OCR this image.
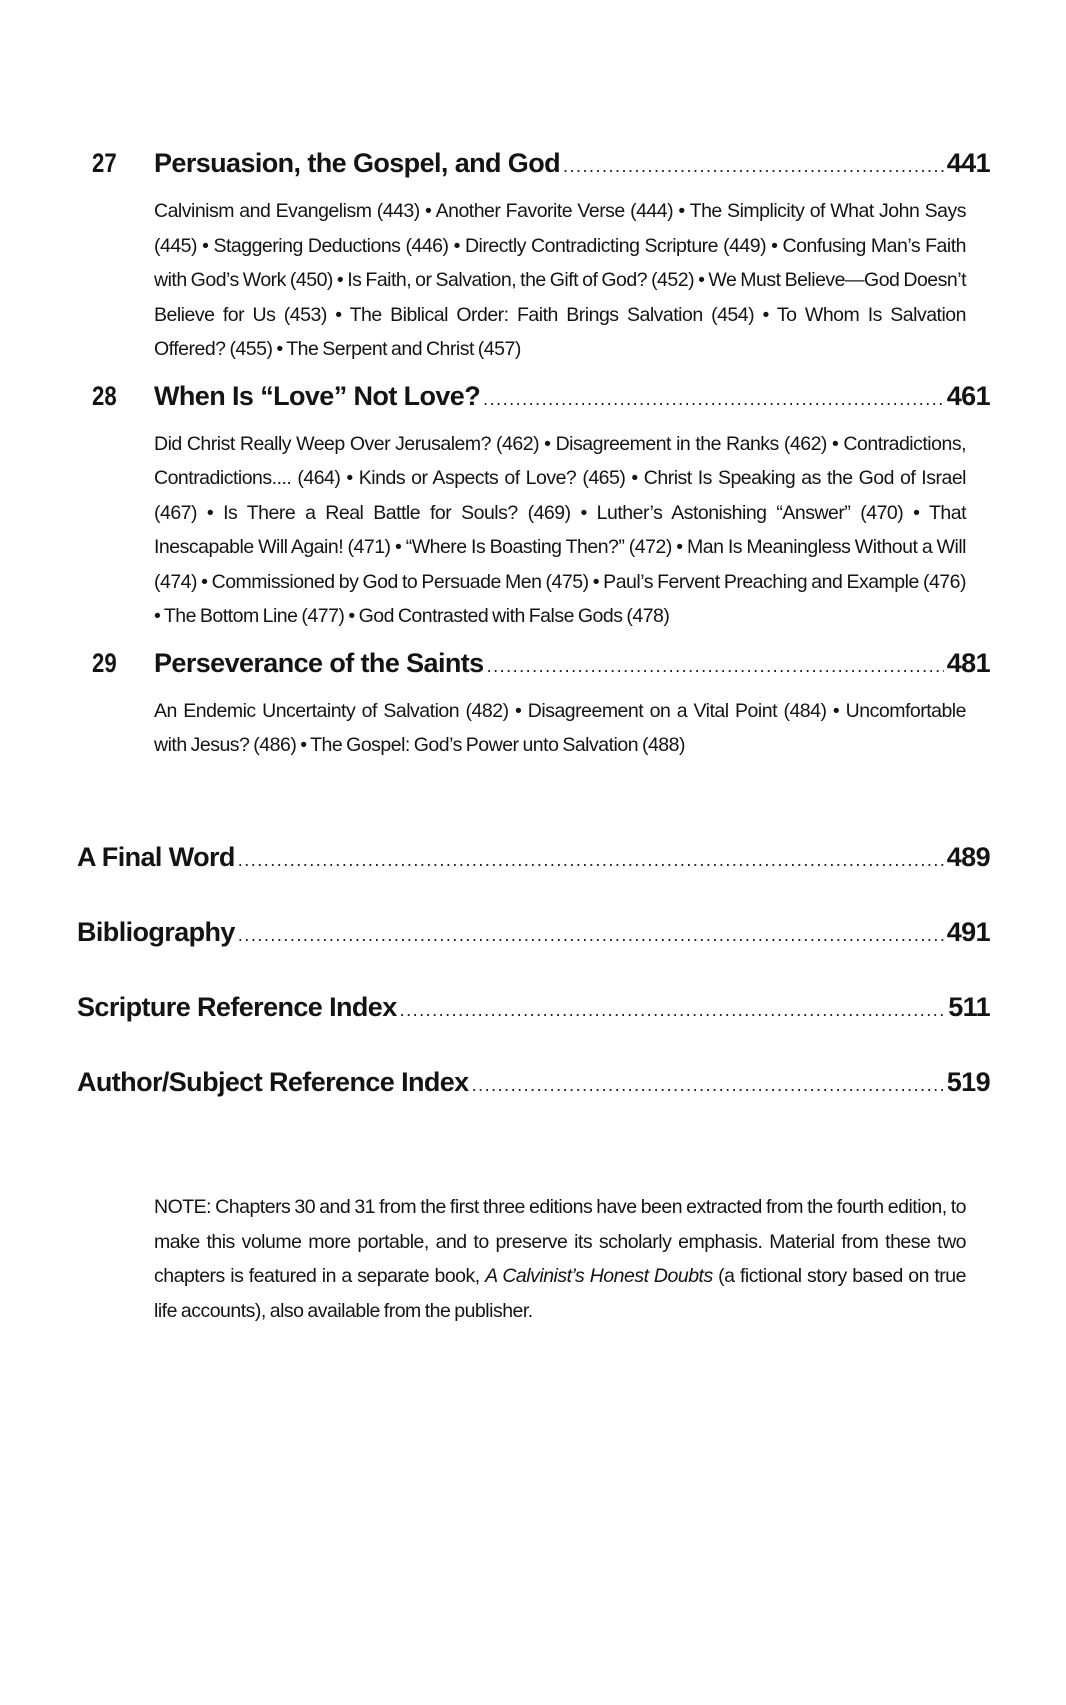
27	Persuasion, the Gospel, and God .....	441
Calvinism and Evangelism (443) • Another Favorite Verse (444) • The Simplicity of What John Says (445) • Staggering Deductions (446) • Directly Contradicting Scripture (449) • Confusing Man’s Faith with God’s Work (450) • Is Faith, or Salvation, the Gift of God? (452) • We Must Believe—God Doesn’t Believe for Us (453) • The Biblical Order: Faith Brings Salvation (454) • To Whom Is Salvation Offered? (455) • The Serpent and Christ (457)
28	When Is “Love” Not Love? .....	461
Did Christ Really Weep Over Jerusalem? (462) • Disagreement in the Ranks (462) • Contradictions, Contradictions.... (464) • Kinds or Aspects of Love? (465) • Christ Is Speaking as the God of Israel (467) • Is There a Real Battle for Souls? (469) • Luther’s Astonishing “Answer” (470) • That Inescapable Will Again! (471) • “Where Is Boasting Then?” (472) • Man Is Meaningless Without a Will (474) • Commissioned by God to Persuade Men (475) • Paul’s Fervent Preaching and Example (476) • The Bottom Line (477) • God Contrasted with False Gods (478)
29	Perseverance of the Saints .....	481
An Endemic Uncertainty of Salvation (482) • Disagreement on a Vital Point (484) • Uncomfortable with Jesus? (486) • The Gospel: God’s Power unto Salvation (488)
A Final Word .....	489
Bibliography .....	491
Scripture Reference Index .....	511
Author/Subject Reference Index .....	519
NOTE: Chapters 30 and 31 from the first three editions have been extracted from the fourth edition, to make this volume more portable, and to preserve its scholarly emphasis. Material from these two chapters is featured in a separate book, A Calvinist’s Honest Doubts (a fictional story based on true life accounts), also available from the publisher.
